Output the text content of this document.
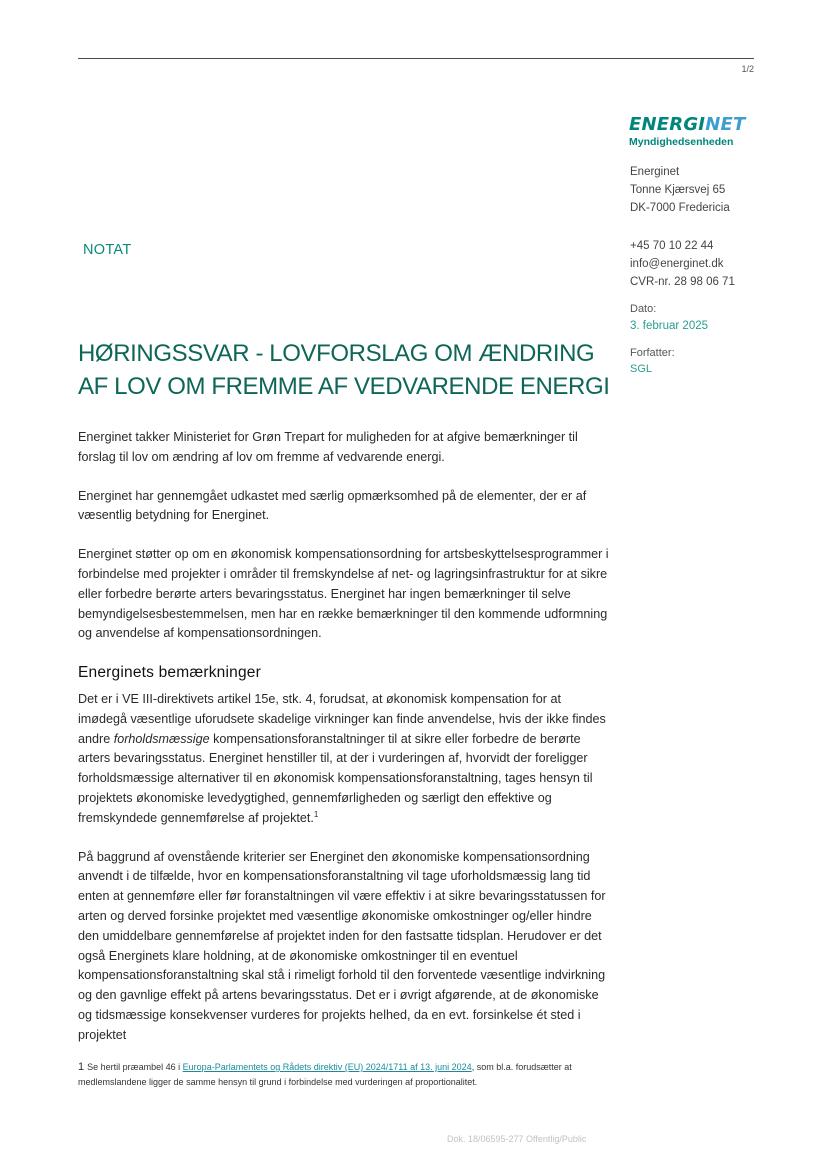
1/2
ENERGINET
Myndighedsenheden
Energinet
Tonne Kjærsvej 65
DK-7000 Fredericia
+45 70 10 22 44
info@energinet.dk
CVR-nr. 28 98 06 71
Dato:
3. februar 2025
Forfatter:
SGL
NOTAT
HØRINGSSVAR - LOVFORSLAG OM ÆNDRING AF LOV OM FREMME AF VEDVARENDE ENERGI

Energinet takker Ministeriet for Grøn Trepart for muligheden for at afgive bemærkninger til forslag til lov om ændring af lov om fremme af vedvarende energi.

Energinet har gennemgået udkastet med særlig opmærksomhed på de elementer, der er af væsentlig betydning for Energinet.

Energinet støtter op om en økonomisk kompensationsordning for artsbeskyttelsesprogrammer i forbindelse med projekter i områder til fremskyndelse af net- og lagringsinfrastruktur for at sikre eller forbedre berørte arters bevaringsstatus. Energinet har ingen bemærkninger til selve bemyndigelsesbestemmelsen, men har en række bemærkninger til den kommende udformning og anvendelse af kompensationsordningen.

Energinets bemærkninger

Det er i VE III-direktivets artikel 15e, stk. 4, forudsat, at økonomisk kompensation for at imødegå væsentlige uforudsete skadelige virkninger kan finde anvendelse, hvis der ikke findes andre forholdsmæssige kompensationsforanstaltninger til at sikre eller forbedre de berørte arters bevaringsstatus. Energinet henstiller til, at der i vurderingen af, hvorvidt der foreligger forholdsmæssige alternativer til en økonomisk kompensationsforanstaltning, tages hensyn til projektets økonomiske levedygtighed, gennemførligheden og særligt den effektive og fremskyndede gennemførelse af projektet.$^1$

På baggrund af ovenstående kriterier ser Energinet den økonomiske kompensationsordning anvendt i de tilfælde, hvor en kompensationsforanstaltning vil tage uforholdsmæssig lang tid enten at gennemføre eller før foranstaltningen vil være effektiv i at sikre bevaringsstatussen for arten og derved forsinke projektet med væsentlige økonomiske omkostninger og/eller hindre den umiddelbare gennemførelse af projektet inden for den fastsatte tidsplan. Herudover er det også Energinets klare holdning, at de økonomiske omkostninger til en eventuel kompensationsforanstaltning skal stå i rimeligt forhold til den forventede væsentlige indvirkning og den gavnlige effekt på artens bevaringsstatus. Det er i øvrigt afgørende, at de økonomiske og tidsmæssige konsekvenser vurderes for projekts helhed, da en evt. forsinkelse ét sted i projektet

1 Se hertil præambel 46 i Europa-Parlamentets og Rådets direktiv (EU) 2024/1711 af 13. juni 2024, som bl.a. forudsætter at medlemslandene ligger de samme hensyn til grund i forbindelse med vurderingen af proportionalitet.
Dok. 18/06595-277 Offentlig/Public
